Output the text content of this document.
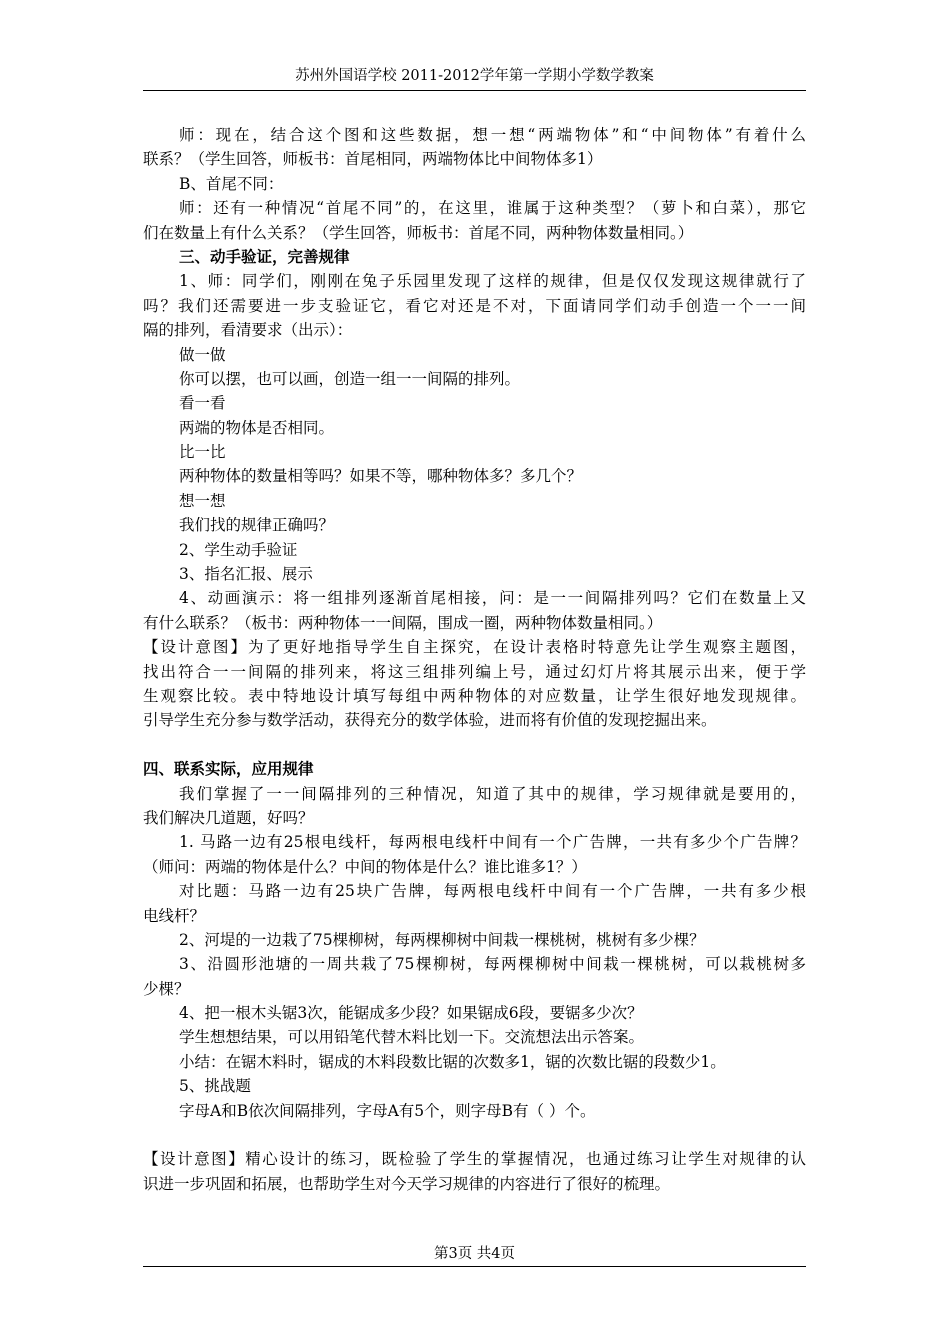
苏州外国语学校 2011-2012学年第一学期小学数学教案
师：现在，结合这个图和这些数据，想一想“两端物体”和“中间物体”有着什么
联系？（学生回答，师板书：首尾相同，两端物体比中间物体多1）
B、首尾不同：
师：还有一种情况“首尾不同”的，在这里，谁属于这种类型？（萝卜和白菜），那它
们在数量上有什么关系？（学生回答，师板书：首尾不同，两种物体数量相同。）
三、动手验证，完善规律
1、师：同学们，刚刚在兔子乐园里发现了这样的规律，但是仅仅发现这规律就行了
吗？我们还需要进一步支验证它，看它对还是不对，下面请同学们动手创造一个一一间
隔的排列，看清要求（出示）：
做一做
你可以摆，也可以画，创造一组一一间隔的排列。
看一看
两端的物体是否相同。
比一比
两种物体的数量相等吗？如果不等，哪种物体多？多几个？
想一想
我们找的规律正确吗？
2、学生动手验证
3、指名汇报、展示
4、动画演示：将一组排列逐渐首尾相接，问：是一一间隔排列吗？它们在数量上又
有什么联系？（板书：两种物体一一间隔，围成一圈，两种物体数量相同。）
【设计意图】为了更好地指导学生自主探究，在设计表格时特意先让学生观察主题图，
找出符合一一间隔的排列来，将这三组排列编上号，通过幻灯片将其展示出来，便于学
生观察比较。表中特地设计填写每组中两种物体的对应数量，让学生很好地发现规律。
引导学生充分参与数学活动，获得充分的数学体验，进而将有价值的发现挖掘出来。
四、联系实际，应用规律
我们掌握了一一间隔排列的三种情况，知道了其中的规律，学习规律就是要用的，
我们解决几道题，好吗？
1. 马路一边有25根电线杆，每两根电线杆中间有一个广告牌，一共有多少个广告牌？
（师问：两端的物体是什么？中间的物体是什么？谁比谁多1？）
对比题：马路一边有25块广告牌，每两根电线杆中间有一个广告牌，一共有多少根
电线杆？
2、河堤的一边栽了75棵柳树，每两棵柳树中间栽一棵桃树，桃树有多少棵？
3、沿圆形池塘的一周共栽了75棵柳树，每两棵柳树中间栽一棵桃树，可以栽桃树多
少棵？
4、把一根木头锯3次，能锯成多少段？如果锯成6段，要锯多少次？
学生想想结果，可以用铅笔代替木料比划一下。交流想法出示答案。
小结：在锯木料时，锯成的木料段数比锯的次数多1，锯的次数比锯的段数少1。
5、挑战题
字母A和B依次间隔排列，字母A有5个，则字母B有（ ）个。
【设计意图】精心设计的练习，既检验了学生的掌握情况，也通过练习让学生对规律的认
识进一步巩固和拓展，也帮助学生对今天学习规律的内容进行了很好的梳理。
第3页 共4页
